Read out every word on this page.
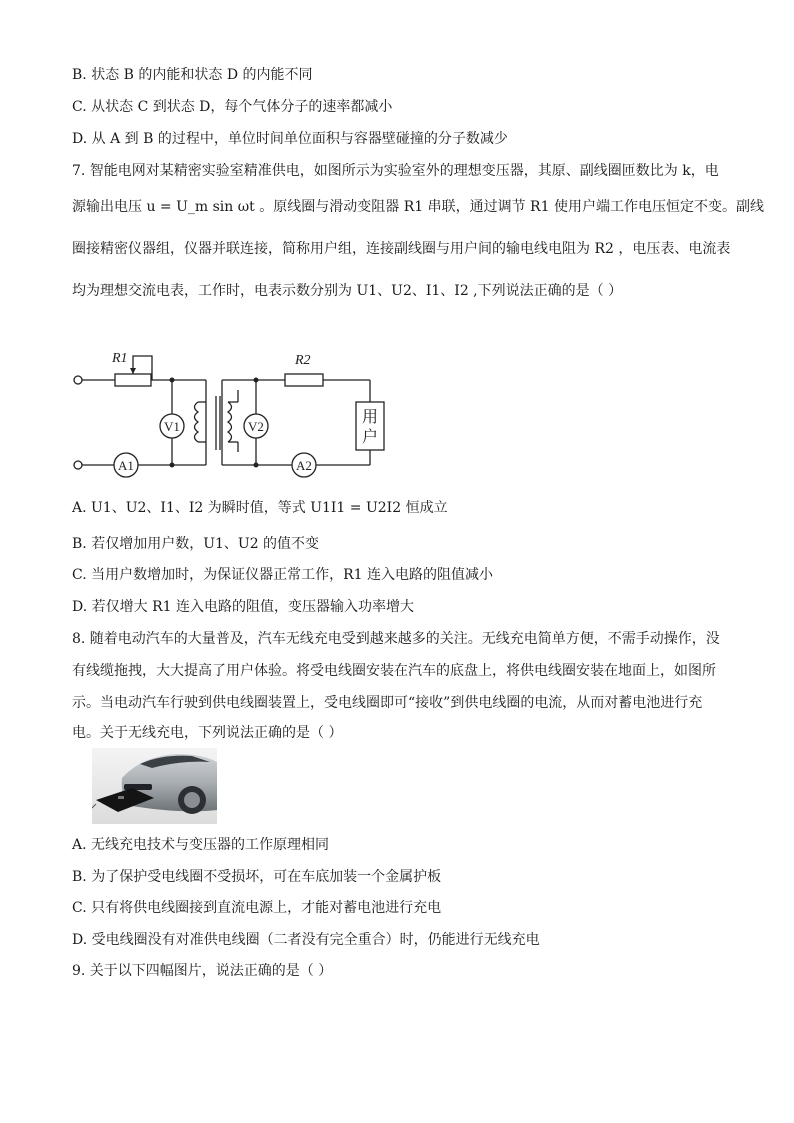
B. 状态 B 的内能和状态 D 的内能不同
C. 从状态 C 到状态 D，每个气体分子的速率都减小
D. 从 A 到 B 的过程中，单位时间单位面积与容器壁碰撞的分子数减少
7. 智能电网对某精密实验室精准供电，如图所示为实验室外的理想变压器，其原、副线圈匝数比为 k，电
源输出电压 u = U_m sin ωt 。原线圈与滑动变阻器 R1 串联，通过调节 R1 使用户端工作电压恒定不变。副线
圈接精密仪器组，仪器并联连接，简称用户组，连接副线圈与用户间的输电线电阻为 R2 ，电压表、电流表
均为理想交流电表，工作时，电表示数分别为 U1、U2、I1、I2 ,下列说法正确的是（ ）
R1	R2
V1	V2
A1	A2
用
户
A. U1、U2、I1、I2 为瞬时值，等式 U1I1 = U2I2 恒成立
B. 若仅增加用户数，U1、U2 的值不变
C. 当用户数增加时，为保证仪器正常工作，R1 连入电路的阻值减小
D. 若仅增大 R1 连入电路的阻值，变压器输入功率增大
8. 随着电动汽车的大量普及，汽车无线充电受到越来越多的关注。无线充电简单方便，不需手动操作，没
有线缆拖拽，大大提高了用户体验。将受电线圈安装在汽车的底盘上，将供电线圈安装在地面上，如图所
示。当电动汽车行驶到供电线圈装置上，受电线圈即可“接收”到供电线圈的电流，从而对蓄电池进行充
电。关于无线充电，下列说法正确的是（ ）
A. 无线充电技术与变压器的工作原理相同
B. 为了保护受电线圈不受损坏，可在车底加装一个金属护板
C. 只有将供电线圈接到直流电源上，才能对蓄电池进行充电
D. 受电线圈没有对准供电线圈（二者没有完全重合）时，仍能进行无线充电
9. 关于以下四幅图片，说法正确的是（ ）
